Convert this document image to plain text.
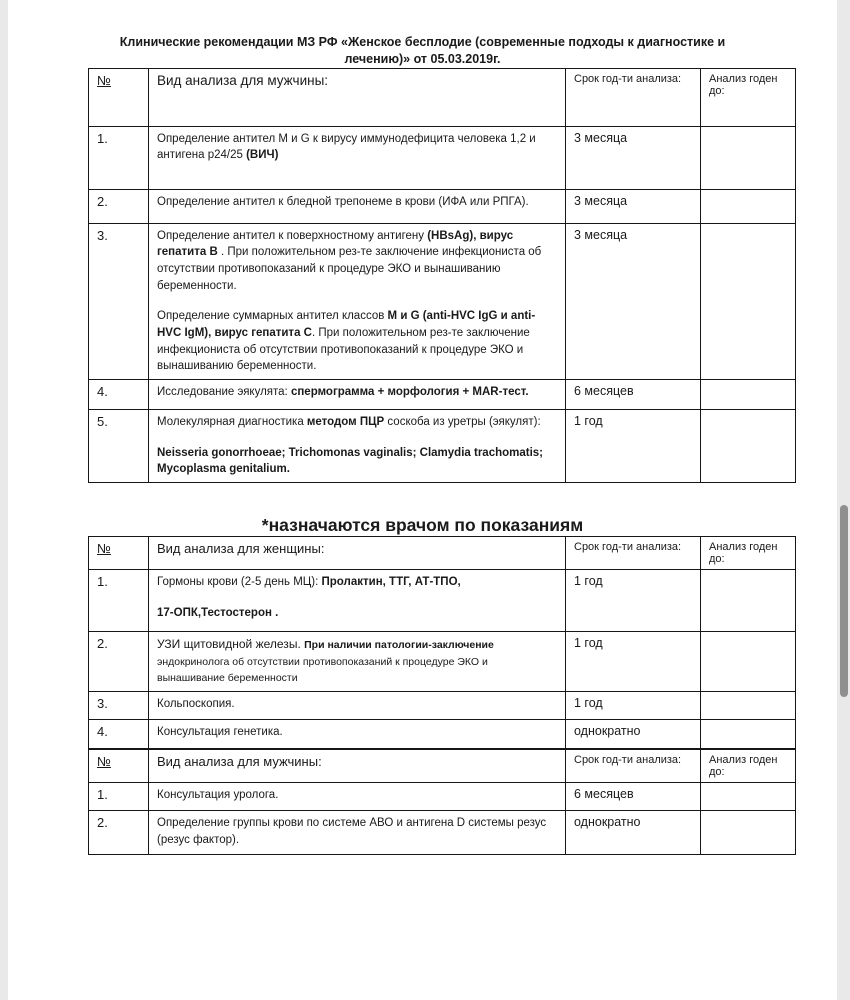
Клинические рекомендации МЗ РФ «Женское бесплодие (современные подходы к диагностике и лечению)» от 05.03.2019г.
№	Вид анализа для мужчины:	Срок год-ти анализа:	Анализ годен до:
1.	Определение антител M и G к вирусу иммунодефицита человека 1,2 и антигена p24/25 (ВИЧ)	3 месяца	
2.	Определение антител к бледной трепонеме в крови (ИФА или РПГА).	3 месяца	
3.	Определение антител к поверхностному антигену (HBsAg), вирус гепатита В . При положительном рез-те заключение инфекциониста об отсутствии противопоказаний к процедуре ЭКО и вынашиванию беременности.

Определение суммарных антител классов М и G (anti-HVC IgG и anti-HVC IgM), вирус гепатита С. При положительном рез-те заключение инфекциониста об отсутствии противопоказаний к процедуре ЭКО и вынашиванию беременности.	3 месяца	
4.	Исследование эякулята: спермограмма + морфология + MAR-тест.	6 месяцев	
5.	Молекулярная диагностика методом ПЦР соскоба из уретры (эякулят):

Neisseria gonorrhoeae; Trichomonas vaginalis; Clamydia trachomatis; Mycoplasma genitalium.	1 год	
*назначаются врачом по показаниям
№	Вид анализа для женщины:	Срок год-ти анализа:	Анализ годен до:
1.	Гормоны крови (2-5 день МЦ): Пролактин, ТТГ, АТ-ТПО,

17-ОПК,Тестостерон .	1 год	
2.	УЗИ щитовидной железы. При наличии патологии-заключение эндокринолога об отсутствии противопоказаний к процедуре ЭКО и вынашивание беременности	1 год	
3.	Кольпоскопия.	1 год	
4.	Консультация генетика.	однократно	
№	Вид анализа для мужчины:	Срок год-ти анализа:	Анализ годен до:
1.	Консультация уролога.	6 месяцев	
2.	Определение группы крови по системе АВО и антигена D системы резус (резус фактор).	однократно	
